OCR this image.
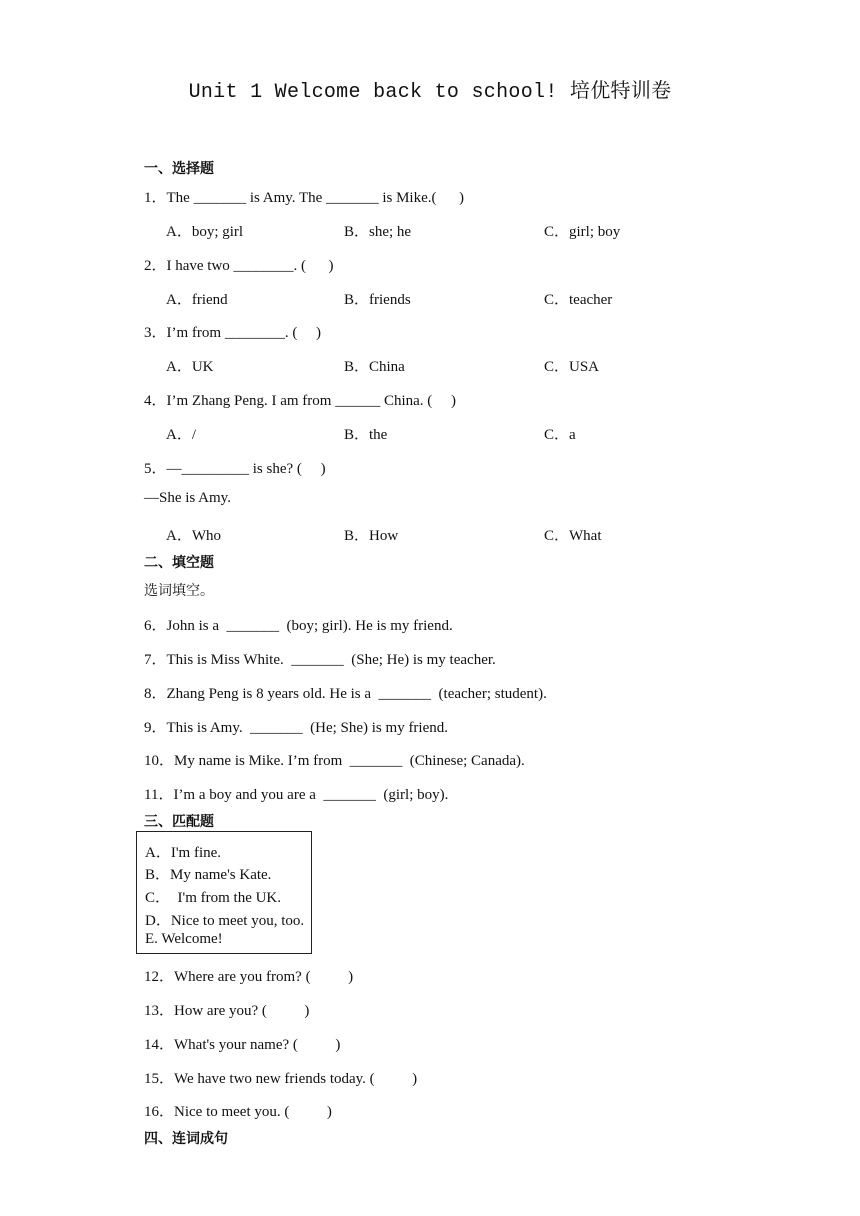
Unit 1 Welcome back to school! 培优特训卷
一、选择题
1．The _______ is Amy. The _______ is Mike.(      )
A．boy; girl	B．she; he	C．girl; boy
2．I have two ________. (      )
A．friend	B．friends	C．teacher
3．I’m from ________. (     )
A．UK	B．China	C．USA
4．I’m Zhang Peng. I am from ______ China. (     )
A．/	B．the	C．a
5．—_________ is she? (     )
—She is Amy.
A．Who	B．How	C．What
二、填空题
选词填空。
6．John is a  _______  (boy; girl). He is my friend.
7．This is Miss White.  _______  (She; He) is my teacher.
8．Zhang Peng is 8 years old. He is a  _______  (teacher; student).
9．This is Amy.  _______  (He; She) is my friend.
10．My name is Mike. I’m from  _______  (Chinese; Canada).
11．I’m a boy and you are a  _______  (girl; boy).
三、匹配题
A．I'm fine.
B．My name's Kate.
C．  I'm from the UK.
D．Nice to meet you, too.
E. Welcome!
12．Where are you from? (          )
13．How are you? (          )
14．What's your name? (          )
15．We have two new friends today. (          )
16．Nice to meet you. (          )
四、连词成句
